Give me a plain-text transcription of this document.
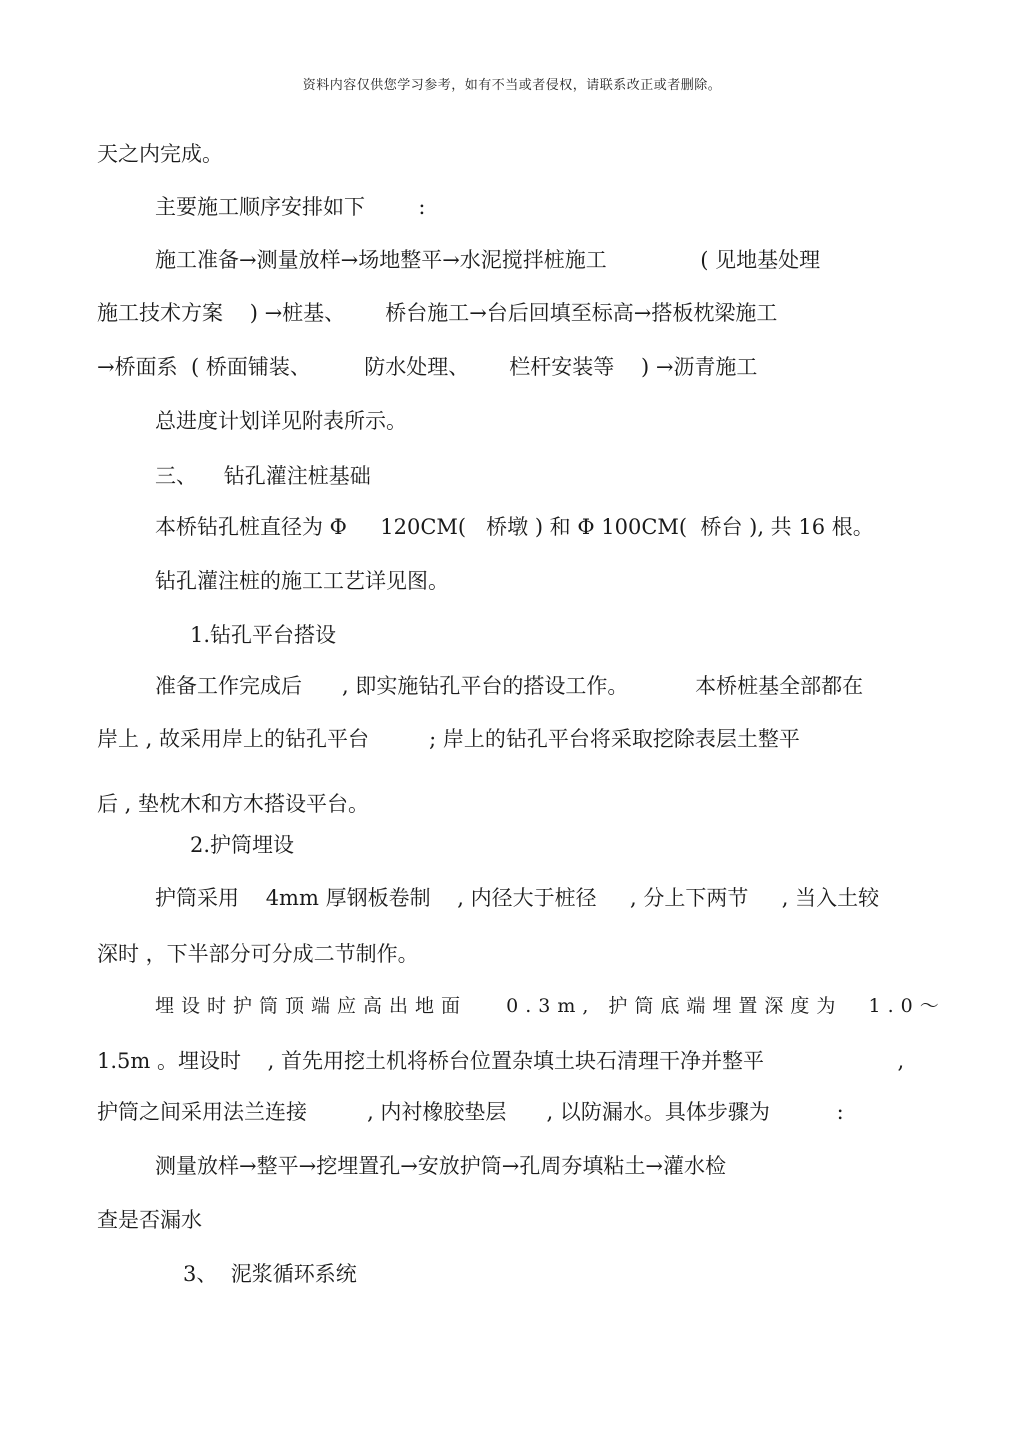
资料内容仅供您学习参考，如有不当或者侵权，请联系改正或者删除。

天之内完成。

主要施工顺序安排如下        :

施工准备→测量放样→场地整平→水泥搅拌桩施工              ( 见地基处理

施工技术方案    ) →桩基、      桥台施工→台后回填至标高→搭板枕梁施工

→桥面系  ( 桥面铺装、        防水处理、      栏杆安装等    ) →沥青施工

总进度计划详见附表所示。

三、    钻孔灌注桩基础

本桥钻孔桩直径为 Φ     120CM(   桥墩 ) 和 Φ 100CM(  桥台 ), 共 16 根。

钻孔灌注桩的施工工艺详见图。

1.钻孔平台搭设

准备工作完成后      , 即实施钻孔平台的搭设工作。          本桥桩基全部都在

岸上 , 故采用岸上的钻孔平台         ; 岸上的钻孔平台将采取挖除表层土整平

后 , 垫枕木和方木搭设平台。

2.护筒埋设

护筒采用    4mm 厚钢板卷制    , 内径大于桩径     , 分上下两节     , 当入土较

深时 ，下半部分可分成二节制作。

埋设时护筒顶端应高出地面   0.3m, 护筒底端埋置深度为  1.0～

1.5m 。埋设时    , 首先用挖土机将桥台位置杂填土块石清理干净并整平                    ,

护筒之间采用法兰连接         , 内衬橡胶垫层      , 以防漏水。具体步骤为          :

测量放样→整平→挖埋置孔→安放护筒→孔周夯填粘土→灌水检

查是否漏水

3、  泥浆循环系统
